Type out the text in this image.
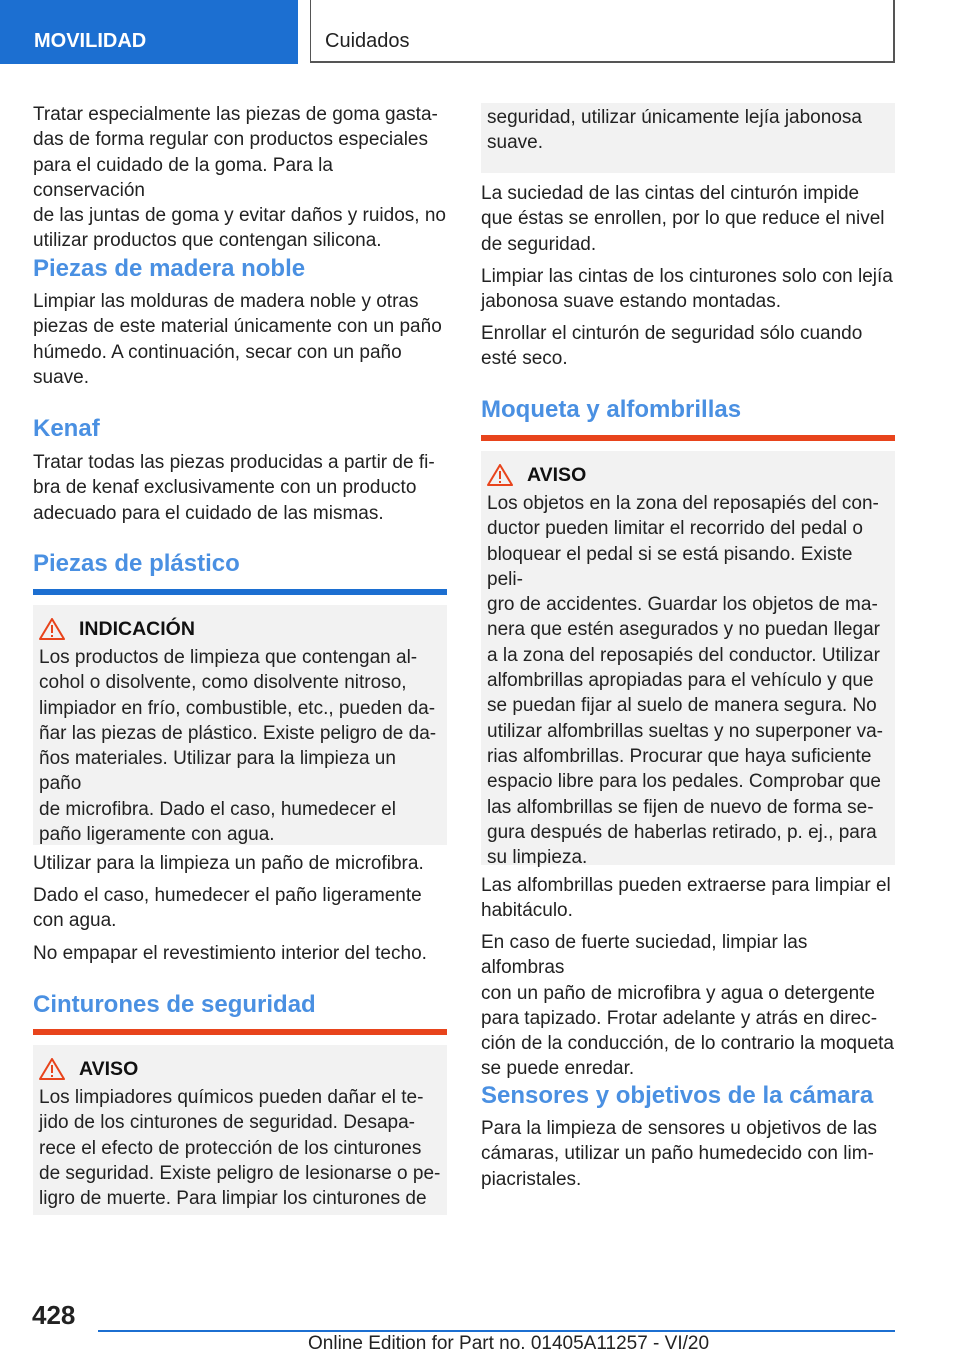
MOVILIDAD	Cuidados

Tratar especialmente las piezas de goma gasta-
das de forma regular con productos especiales
para el cuidado de la goma. Para la conservación
de las juntas de goma y evitar daños y ruidos, no
utilizar productos que contengan silicona.

Piezas de madera noble

Limpiar las molduras de madera noble y otras
piezas de este material únicamente con un paño
húmedo. A continuación, secar con un paño
suave.

Kenaf

Tratar todas las piezas producidas a partir de fi-
bra de kenaf exclusivamente con un producto
adecuado para el cuidado de las mismas.

Piezas de plástico
INDICACIÓN

Los productos de limpieza que contengan al-
cohol o disolvente, como disolvente nitroso,
limpiador en frío, combustible, etc., pueden da-
ñar las piezas de plástico. Existe peligro de da-
ños materiales. Utilizar para la limpieza un paño
de microfibra. Dado el caso, humedecer el
paño ligeramente con agua.

Utilizar para la limpieza un paño de microfibra.

Dado el caso, humedecer el paño ligeramente
con agua.

No empapar el revestimiento interior del techo.

Cinturones de seguridad
AVISO

Los limpiadores químicos pueden dañar el te-
jido de los cinturones de seguridad. Desapa-
rece el efecto de protección de los cinturones
de seguridad. Existe peligro de lesionarse o pe-
ligro de muerte. Para limpiar los cinturones de

seguridad, utilizar únicamente lejía jabonosa
suave.

La suciedad de las cintas del cinturón impide
que éstas se enrollen, por lo que reduce el nivel
de seguridad.

Limpiar las cintas de los cinturones solo con lejía
jabonosa suave estando montadas.

Enrollar el cinturón de seguridad sólo cuando
esté seco.

Moqueta y alfombrillas
AVISO

Los objetos en la zona del reposapiés del con-
ductor pueden limitar el recorrido del pedal o
bloquear el pedal si se está pisando. Existe peli-
gro de accidentes. Guardar los objetos de ma-
nera que estén asegurados y no puedan llegar
a la zona del reposapiés del conductor. Utilizar
alfombrillas apropiadas para el vehículo y que
se puedan fijar al suelo de manera segura. No
utilizar alfombrillas sueltas y no superponer va-
rias alfombrillas. Procurar que haya suficiente
espacio libre para los pedales. Comprobar que
las alfombrillas se fijen de nuevo de forma se-
gura después de haberlas retirado, p. ej., para
su limpieza.

Las alfombrillas pueden extraerse para limpiar el
habitáculo.

En caso de fuerte suciedad, limpiar las alfombras
con un paño de microfibra y agua o detergente
para tapizado. Frotar adelante y atrás en direc-
ción de la conducción, de lo contrario la moqueta
se puede enredar.

Sensores y objetivos de la cámara

Para la limpieza de sensores u objetivos de las
cámaras, utilizar un paño humedecido con lim-
piacristales.

428
Online Edition for Part no. 01405A11257 - VI/20
